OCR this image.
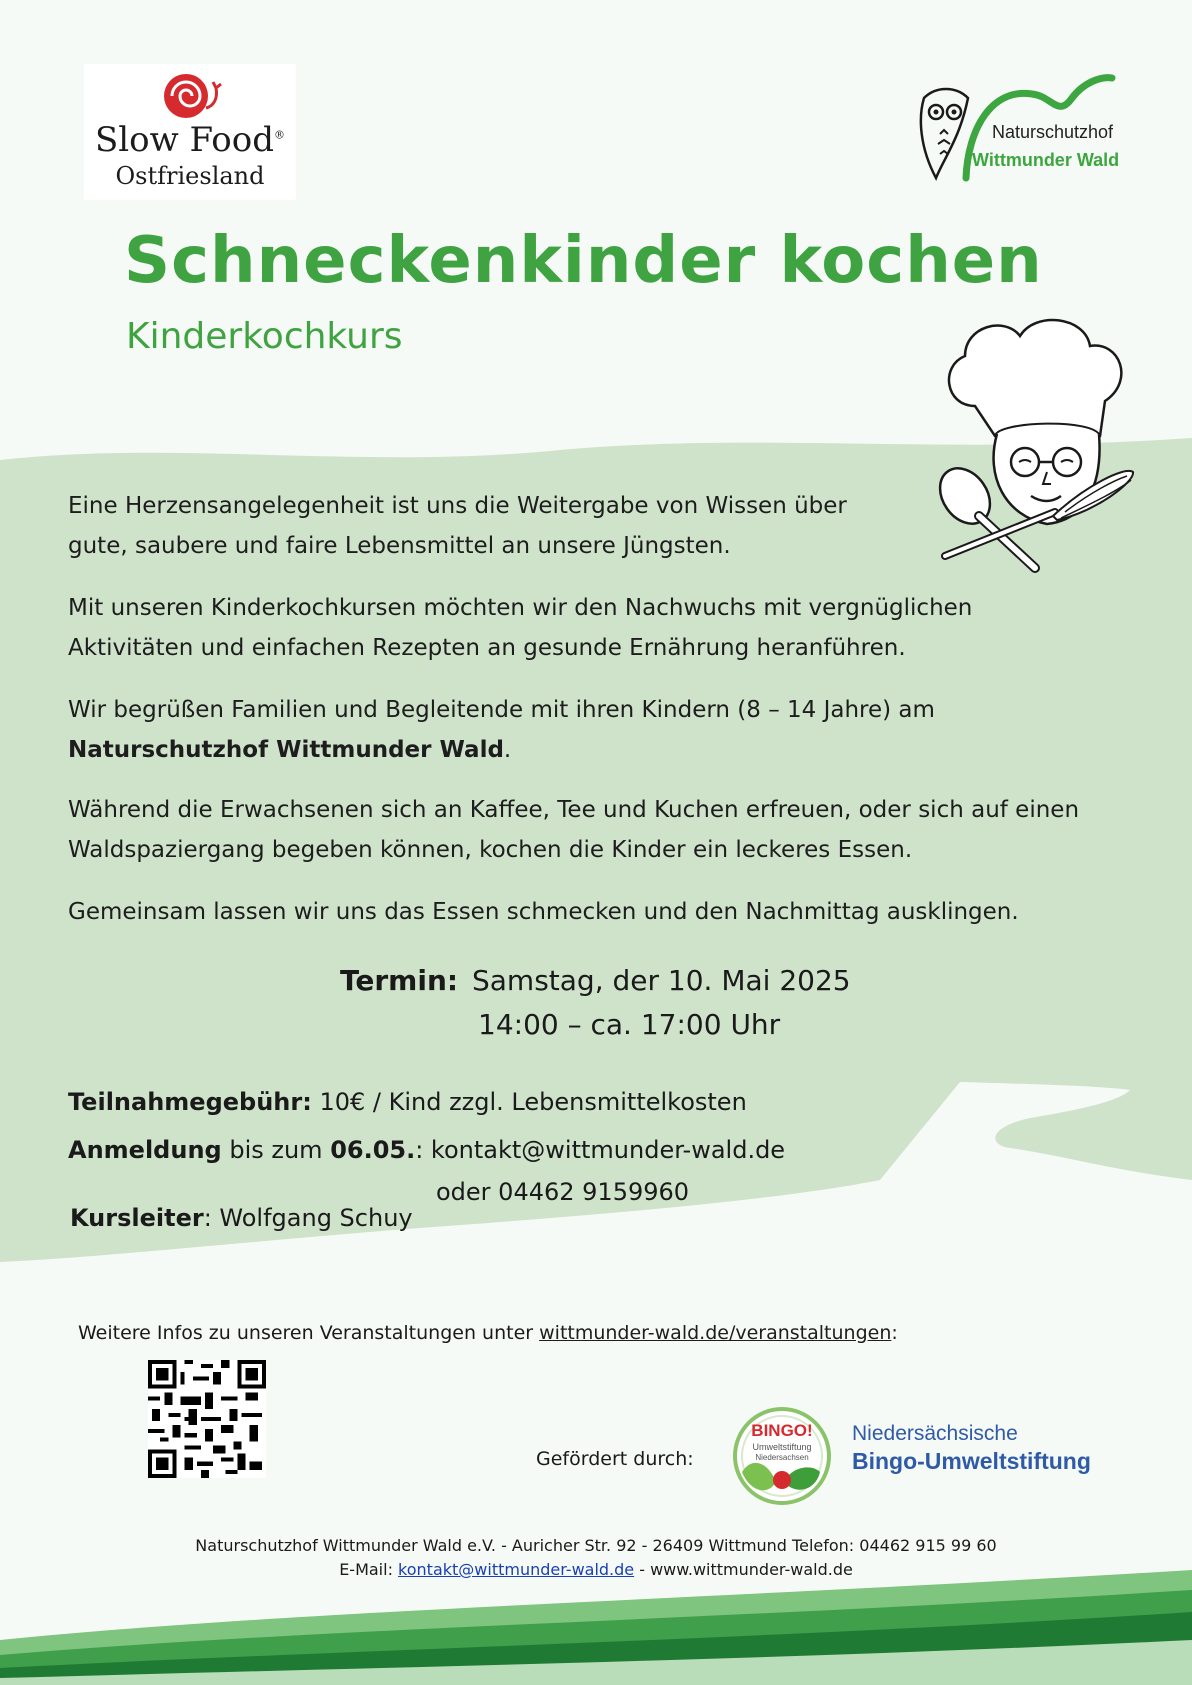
Slow Food®
Ostfriesland
Naturschutzhof
Wittmunder Wald
Schneckenkinder kochen
Kinderkochkurs

Eine Herzensangelegenheit ist uns die Weitergabe von Wissen über gute, saubere und faire Lebensmittel an unsere Jüngsten.

Mit unseren Kinderkochkursen möchten wir den Nachwuchs mit vergnüglichen Aktivitäten und einfachen Rezepten an gesunde Ernährung heranführen.

Wir begrüßen Familien und Begleitende mit ihren Kindern (8 – 14 Jahre) am Naturschutzhof Wittmunder Wald.

Während die Erwachsenen sich an Kaffee, Tee und Kuchen erfreuen, oder sich auf einen Waldspaziergang begeben können, kochen die Kinder ein leckeres Essen.

Gemeinsam lassen wir uns das Essen schmecken und den Nachmittag ausklingen.

Termin: Samstag, der 10. Mai 2025
14:00 – ca. 17:00 Uhr
Teilnahmegebühr: 10€ / Kind zzgl. Lebensmittelkosten
Anmeldung bis zum 06.05.: kontakt@wittmunder-wald.de
oder 04462 9159960
Kursleiter: Wolfgang Schuy
Weitere Infos zu unseren Veranstaltungen unter wittmunder-wald.de/veranstaltungen:
Gefördert durch:
BINGO!
Umweltstiftung
Niedersachsen
Niedersächsische
Bingo-Umweltstiftung
Naturschutzhof Wittmunder Wald e.V. - Auricher Str. 92 - 26409 Wittmund Telefon: 04462 915 99 60
E-Mail: kontakt@wittmunder-wald.de - www.wittmunder-wald.de
